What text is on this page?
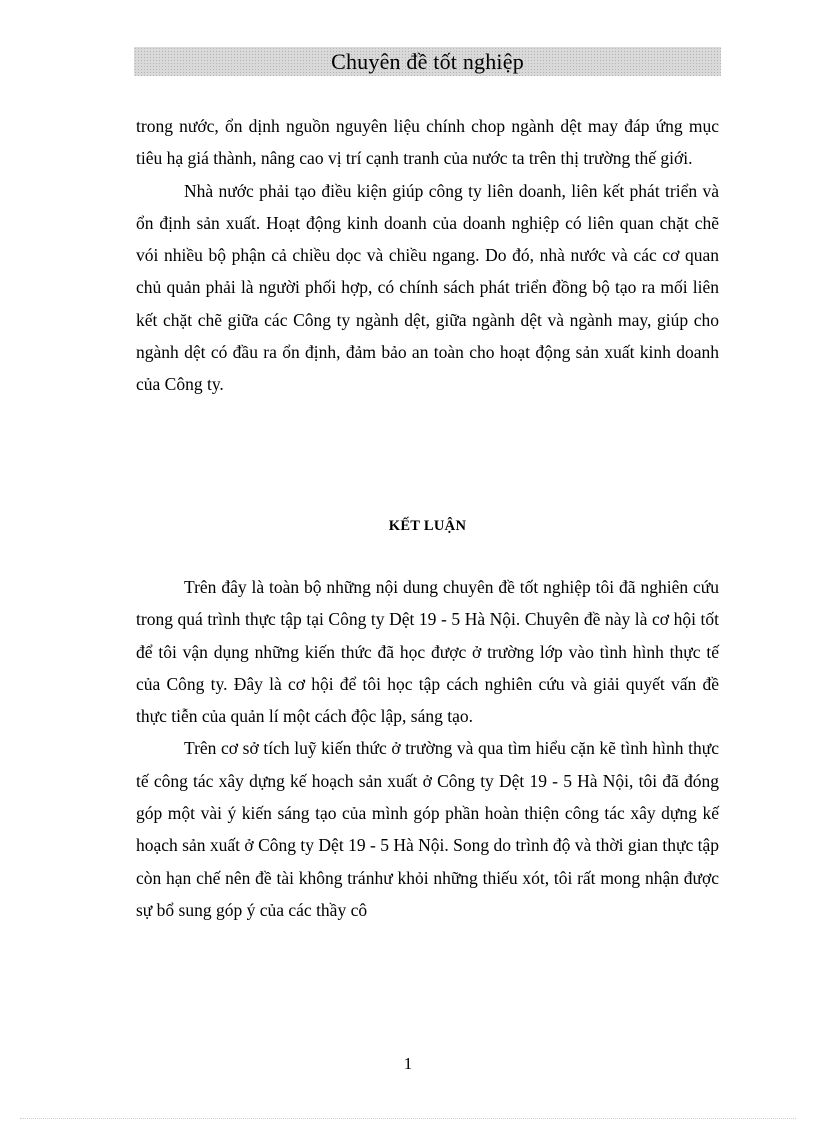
Chuyên đề tốt nghiệp

trong nước, ổn dịnh nguồn nguyên liệu chính chop ngành dệt may đáp ứng mục tiêu hạ giá thành, nâng cao vị trí cạnh tranh của nước ta trên thị trường thế giới.

Nhà nước phải tạo điều kiện giúp công ty liên doanh, liên kết phát triển và ổn định sản xuất. Hoạt động kinh doanh của doanh nghiệp có liên quan chặt chẽ vói nhiều bộ phận cả chiều dọc và chiều ngang. Do đó, nhà nước và các cơ quan chủ quản phải là người phối hợp, có chính sách phát triển đồng bộ tạo ra mối liên kết chặt chẽ giữa các Công ty ngành dệt, giữa ngành dệt và ngành may, giúp cho ngành dệt có đầu ra ổn định, đảm bảo an toàn cho hoạt động sản xuất kinh doanh của Công ty.

KẾT LUẬN

Trên đây là toàn bộ những nội dung chuyên đề tốt nghiệp tôi đã nghiên cứu trong quá trình thực tập tại Công ty Dệt 19 - 5 Hà Nội. Chuyên đề này là cơ hội tốt để tôi vận dụng những kiến thức đã học được ở trường lớp vào tình hình thực tế của Công ty. Đây là cơ hội để tôi học tập cách nghiên cứu và giải quyết vấn đề thực tiễn của quản lí một cách độc lập, sáng tạo.

Trên cơ sở tích luỹ kiến thức ở trường và qua tìm hiểu cặn kẽ tình hình thực tế công tác xây dựng kế hoạch sản xuất ở Công ty Dệt 19 - 5 Hà Nội, tôi đã đóng góp một vài ý kiến sáng tạo của mình góp phần hoàn thiện công tác xây dựng kế hoạch sản xuất ở Công ty Dệt 19 - 5 Hà Nội. Song do trình độ và thời gian thực tập còn hạn chế nên đề tài không tránhư khỏi những thiếu xót, tôi rất mong nhận được sự bổ sung góp ý của các thầy cô

1
